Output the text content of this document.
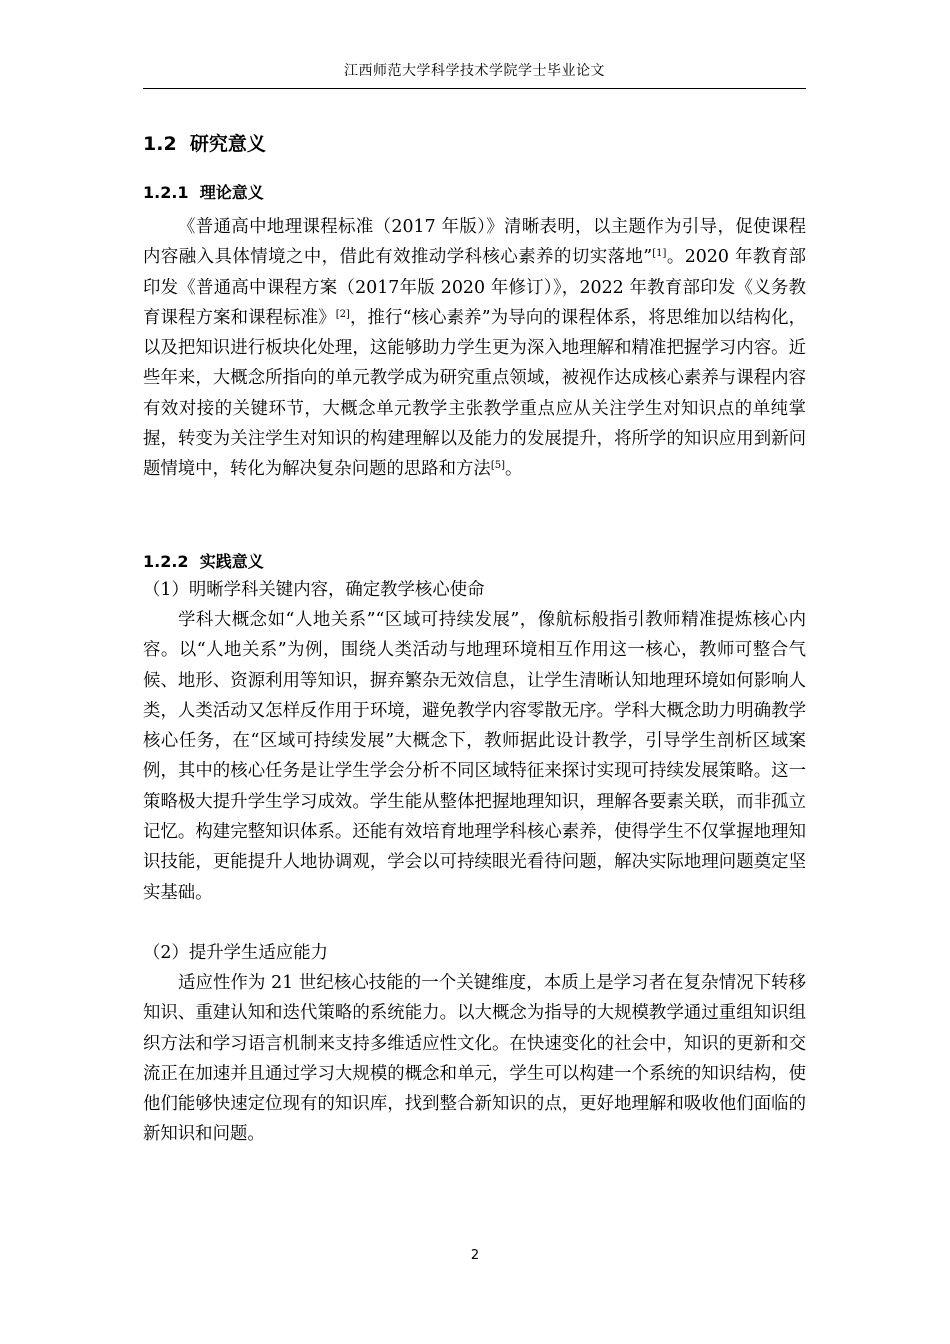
江西师范大学科学技术学院学士毕业论文
1.2 研究意义
1.2.1 理论意义

《普通高中地理课程标准（2017 年版）》清晰表明，以主题作为引导，促使课程内容融入具体情境之中，借此有效推动学科核心素养的切实落地”[1]。2020 年教育部印发《普通高中课程方案（2017年版 2020 年修订）》，2022 年教育部印发《义务教育课程方案和课程标准》[2]，推行“核心素养”为导向的课程体系，将思维加以结构化，以及把知识进行板块化处理，这能够助力学生更为深入地理解和精准把握学习内容。近些年来，大概念所指向的单元教学成为研究重点领域，被视作达成核心素养与课程内容有效对接的关键环节，大概念单元教学主张教学重点应从关注学生对知识点的单纯掌握，转变为关注学生对知识的构建理解以及能力的发展提升，将所学的知识应用到新问题情境中，转化为解决复杂问题的思路和方法[5]。

1.2.2 实践意义

（1）明晰学科关键内容，确定教学核心使命

学科大概念如“人地关系”“区域可持续发展”，像航标般指引教师精准提炼核心内容。以“人地关系”为例，围绕人类活动与地理环境相互作用这一核心，教师可整合气候、地形、资源利用等知识，摒弃繁杂无效信息，让学生清晰认知地理环境如何影响人类，人类活动又怎样反作用于环境，避免教学内容零散无序。学科大概念助力明确教学核心任务，在“区域可持续发展”大概念下，教师据此设计教学，引导学生剖析区域案例，其中的核心任务是让学生学会分析不同区域特征来探讨实现可持续发展策略。这一策略极大提升学生学习成效。学生能从整体把握地理知识，理解各要素关联，而非孤立记忆。构建完整知识体系。还能有效培育地理学科核心素养，使得学生不仅掌握地理知识技能，更能提升人地协调观，学会以可持续眼光看待问题，解决实际地理问题奠定坚实基础。

（2）提升学生适应能力

适应性作为 21 世纪核心技能的一个关键维度，本质上是学习者在复杂情况下转移知识、重建认知和迭代策略的系统能力。以大概念为指导的大规模教学通过重组知识组织方法和学习语言机制来支持多维适应性文化。在快速变化的社会中，知识的更新和交流正在加速并且通过学习大规模的概念和单元，学生可以构建一个系统的知识结构，使他们能够快速定位现有的知识库，找到整合新知识的点，更好地理解和吸收他们面临的新知识和问题。

2
